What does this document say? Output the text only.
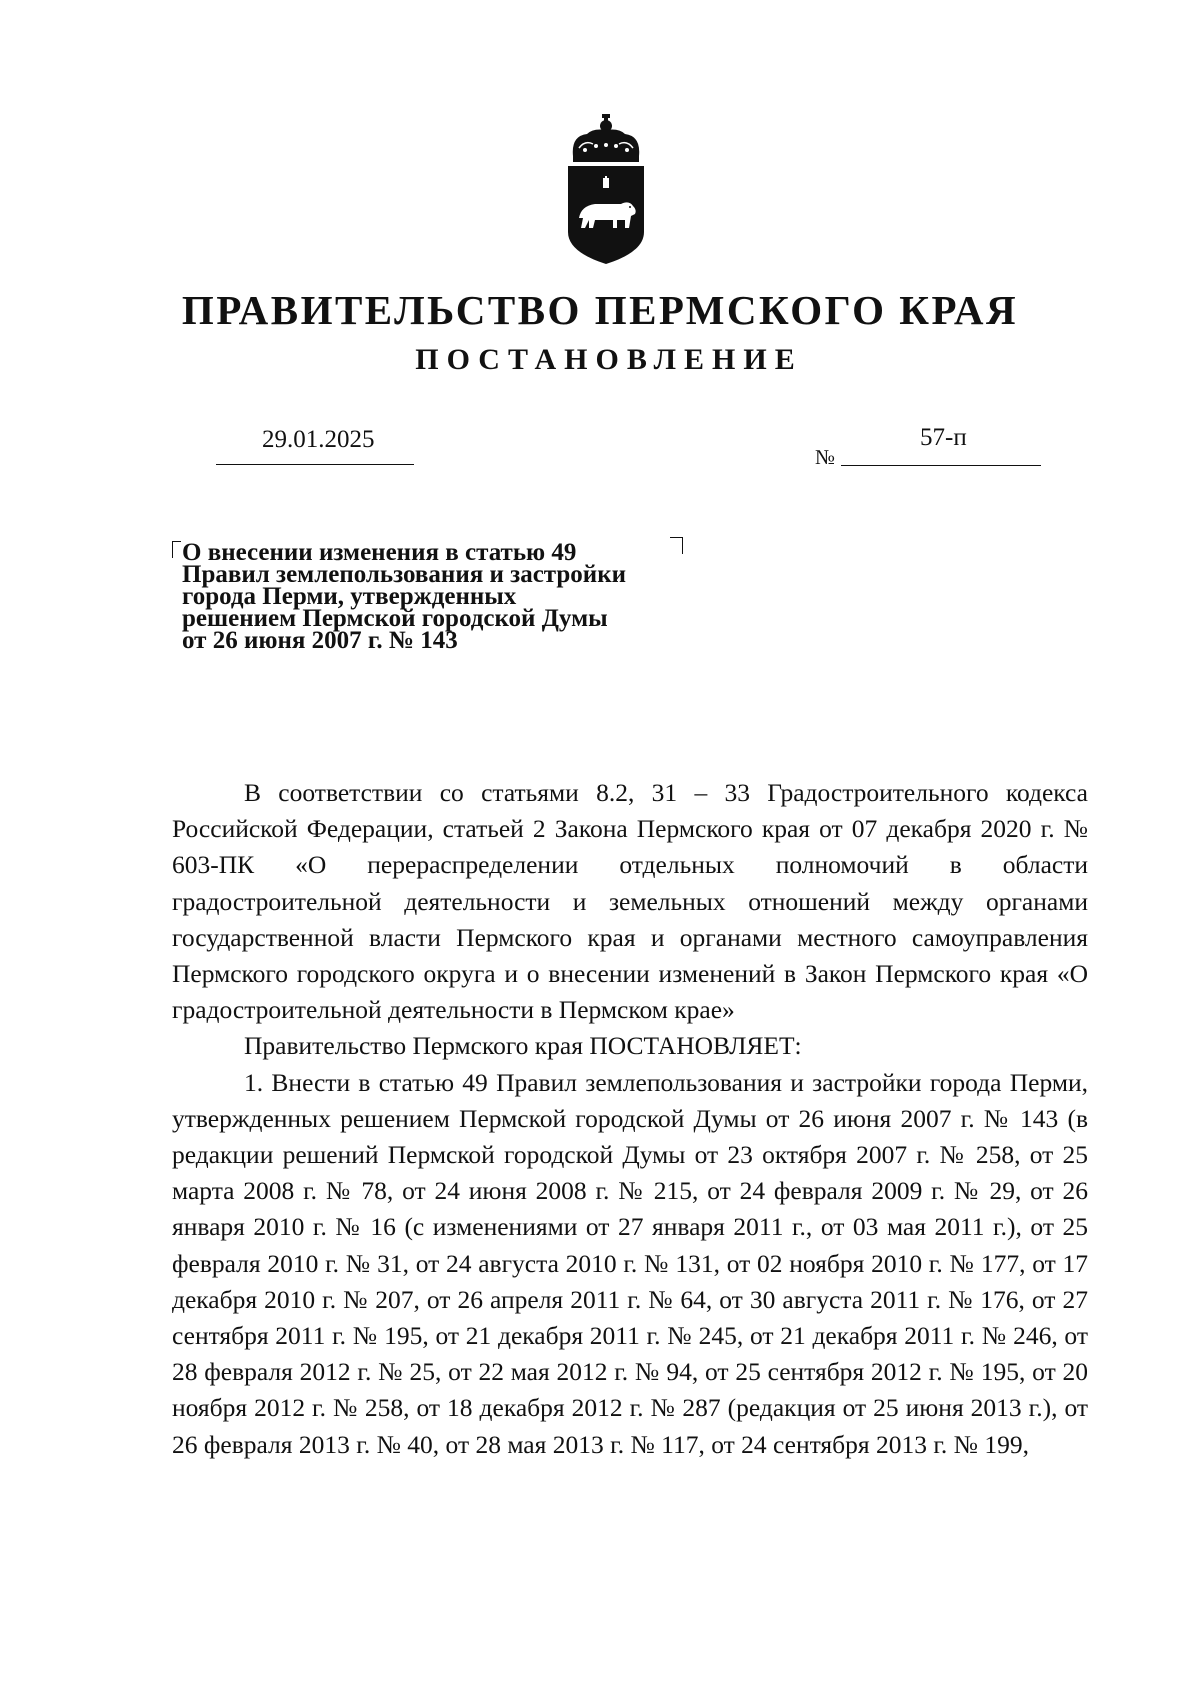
ПРАВИТЕЛЬСТВО ПЕРМСКОГО КРАЯ
ПОСТАНОВЛЕНИЕ
29.01.2025
№
57-п
О внесении изменения в статью 49
Правил землепользования и застройки
города Перми, утвержденных
решением Пермской городской Думы
от 26 июня 2007 г. № 143

В соответствии со статьями 8.2, 31 – 33 Градостроительного кодекса Российской Федерации, статьей 2 Закона Пермского края от 07 декабря 2020 г. № 603-ПК «О перераспределении отдельных полномочий в области градостроительной деятельности и земельных отношений между органами государственной власти Пермского края и органами местного самоуправления Пермского городского округа и о внесении изменений в Закон Пермского края «О градостроительной деятельности в Пермском крае»

Правительство Пермского края ПОСТАНОВЛЯЕТ:

1. Внести в статью 49 Правил землепользования и застройки города Перми, утвержденных решением Пермской городской Думы от 26 июня 2007 г. № 143 (в редакции решений Пермской городской Думы от 23 октября 2007 г. № 258, от 25 марта 2008 г. № 78, от 24 июня 2008 г. № 215, от 24 февраля 2009 г. № 29, от 26 января 2010 г. № 16 (с изменениями от 27 января 2011 г., от 03 мая 2011 г.), от 25 февраля 2010 г. № 31, от 24 августа 2010 г. № 131, от 02 ноября 2010 г. № 177, от 17 декабря 2010 г. № 207, от 26 апреля 2011 г. № 64, от 30 августа 2011 г. № 176, от 27 сентября 2011 г. № 195, от 21 декабря 2011 г. № 245, от 21 декабря 2011 г. № 246, от 28 февраля 2012 г. № 25, от 22 мая 2012 г. № 94, от 25 сентября 2012 г. № 195, от 20 ноября 2012 г. № 258, от 18 декабря 2012 г. № 287 (редакция от 25 июня 2013 г.), от 26 февраля 2013 г. № 40, от 28 мая 2013 г. № 117, от 24 сентября 2013 г. № 199,
